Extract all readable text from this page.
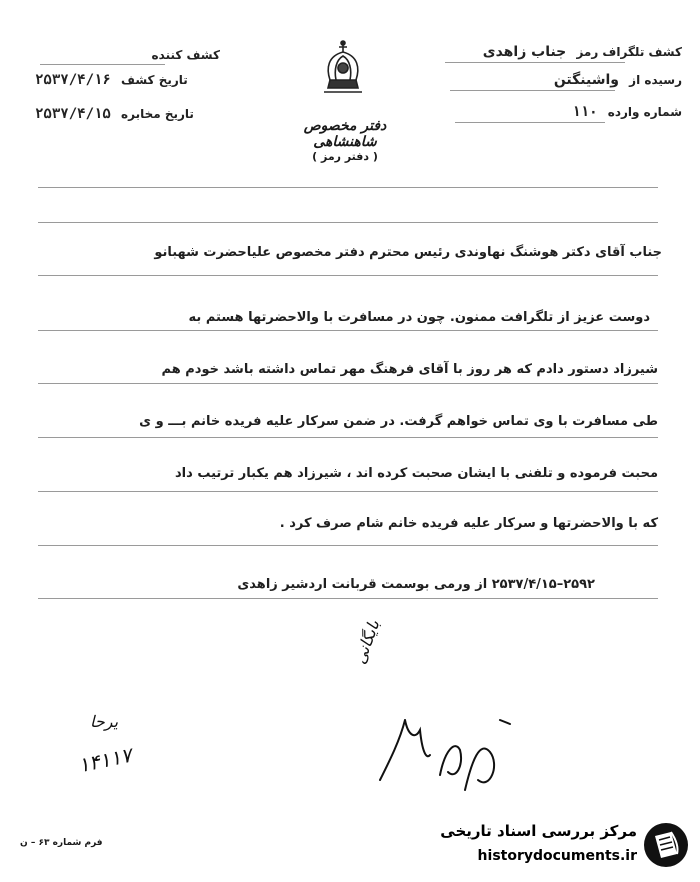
کشف تلگراف رمز جناب زاهدی
رسیده از واشینگتن
شماره وارده ۱۱۰
کشف کننده
تاریخ کشف ۲۵۳۷/۴/۱۶
تاریخ مخابره ۲۵۳۷/۴/۱۵
دفتر مخصوص شاهنشاهی
( دفتر رمز )
جناب آقای دکتر هوشنگ نهاوندی رئیس محترم دفتر مخصوص علیاحضرت شهبانو
دوست عزیز از تلگرافت ممنون. چون در مسافرت با والاحضرتها هستم به
شیرزاد دستور دادم که هر روز با آقای فرهنگ مهر تماس داشته باشد خودم هم
طی مسافرت با وی تماس خواهم گرفت. در ضمن سرکار علیه فریده خانم بـــ و ی
محبت فرموده و تلفنی با ایشان صحبت کرده اند ، شیرزاد هم یکبار ترتیب داد
که با والاحضرتها و سرکار علیه فریده خانم شام صرف کرد .
۲۵۹۲–۲۵۳۷/۴/۱۵ از ورمی بوسمت قربانت اردشیر زاهدی
بایگانی
یرحا
۱۴۱۱۷
فرم شماره ۶۳ – ن
مرکز بررسی اسناد تاریخی
historydocuments.ir
